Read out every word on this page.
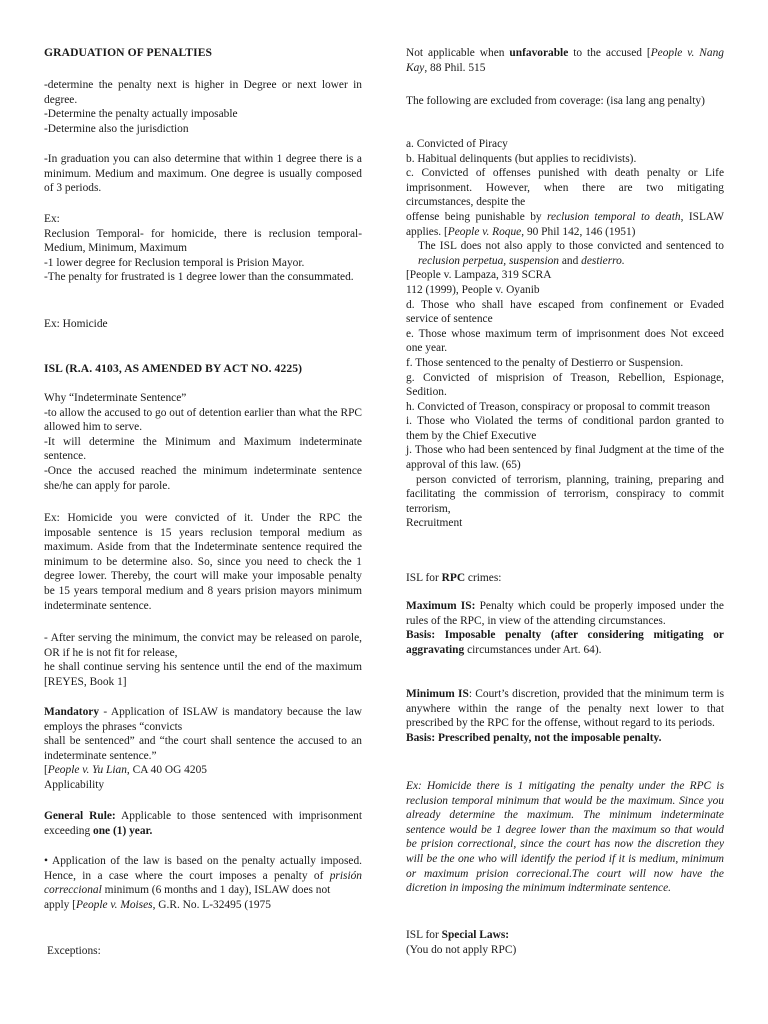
GRADUATION OF PENALTIES

-determine the penalty next is higher in Degree or next lower in degree.
-Determine the penalty actually imposable
-Determine also the jurisdiction

-In graduation you can also determine that within 1 degree there is a minimum. Medium and maximum. One degree is usually composed of 3 periods.

Ex:
Reclusion Temporal- for homicide, there is reclusion temporal-Medium, Minimum, Maximum
-1 lower degree for Reclusion temporal is Prision Mayor.
-The penalty for frustrated is 1 degree lower than the consummated.

Ex: Homicide

ISL (R.A. 4103, AS AMENDED BY ACT NO. 4225)

Why “Indeterminate Sentence”
-to allow the accused to go out of detention earlier than what the RPC allowed him to serve.
-It will determine the Minimum and Maximum indeterminate sentence.
-Once the accused reached the minimum indeterminate sentence she/he can apply for parole.

Ex: Homicide you were convicted of it. Under the RPC the imposable sentence is 15 years reclusion temporal medium as maximum. Aside from that the Indeterminate sentence required the minimum to be determine also. So, since you need to check the 1 degree lower. Thereby, the court will make your imposable penalty be 15 years temporal medium and 8 years prision mayors minimum indeterminate sentence.

- After serving the minimum, the convict may be released on parole, OR if he is not fit for release,
he shall continue serving his sentence until the end of the maximum [REYES, Book 1]
Mandatory - Application of ISLAW is mandatory because the law employs the phrases “convicts
shall be sentenced” and “the court shall sentence the accused to an indeterminate sentence.”
[People v. Yu Lian, CA 40 OG 4205
Applicability

General Rule: Applicable to those sentenced with imprisonment exceeding one (1) year.

• Application of the law is based on the penalty actually imposed. Hence, in a case where the court imposes a penalty of prisión correccional minimum (6 months and 1 day), ISLAW does not
apply [People v. Moises, G.R. No. L-32495 (1975

Exceptions:

Not applicable when unfavorable to the accused [People v. Nang Kay, 88 Phil. 515

The following are excluded from coverage: (isa lang ang penalty)

a. Convicted of Piracy
b. Habitual delinquents (but applies to recidivists).
c. Convicted of offenses punished with death penalty or Life imprisonment. However, when there are two mitigating circumstances, despite the
offense being punishable by reclusion temporal to death, ISLAW applies. [People v. Roque, 90 Phil 142, 146 (1951)
The ISL does not also apply to those convicted and sentenced to reclusion perpetua, suspension and destierro.
[People v. Lampaza, 319 SCRA
112 (1999), People v. Oyanib
d. Those who shall have escaped from confinement or Evaded service of sentence
e. Those whose maximum term of imprisonment does Not exceed one year.
f. Those sentenced to the penalty of Destierro or Suspension.
g. Convicted of misprision of Treason, Rebellion, Espionage, Sedition.
h. Convicted of Treason, conspiracy or proposal to commit treason
i. Those who Violated the terms of conditional pardon granted to them by the Chief Executive
j. Those who had been sentenced by final Judgment at the time of the approval of this law. (65)
person convicted of terrorism, planning, training, preparing and facilitating the commission of terrorism, conspiracy to commit terrorism,
Recruitment

ISL for RPC crimes:

Maximum IS: Penalty which could be properly imposed under the rules of the RPC, in view of the attending circumstances.
Basis: Imposable penalty (after considering mitigating or aggravating circumstances under Art. 64).
Minimum IS: Court’s discretion, provided that the minimum term is anywhere within the range of the penalty next lower to that prescribed by the RPC for the offense, without regard to its periods.
Basis: Prescribed penalty, not the imposable penalty.

Ex: Homicide there is 1 mitigating the penalty under the RPC is reclusion temporal minimum that would be the maximum. Since you already determine the maximum. The minimum indeterminate sentence would be 1 degree lower than the maximum so that would be prision correctional, since the court has now the discretion they will be the one who will identify the period if it is medium, minimum or maximum prision correcional.The court will now have the dicretion in imposing the minimum indterminate sentence.

ISL for Special Laws:
(You do not apply RPC)
